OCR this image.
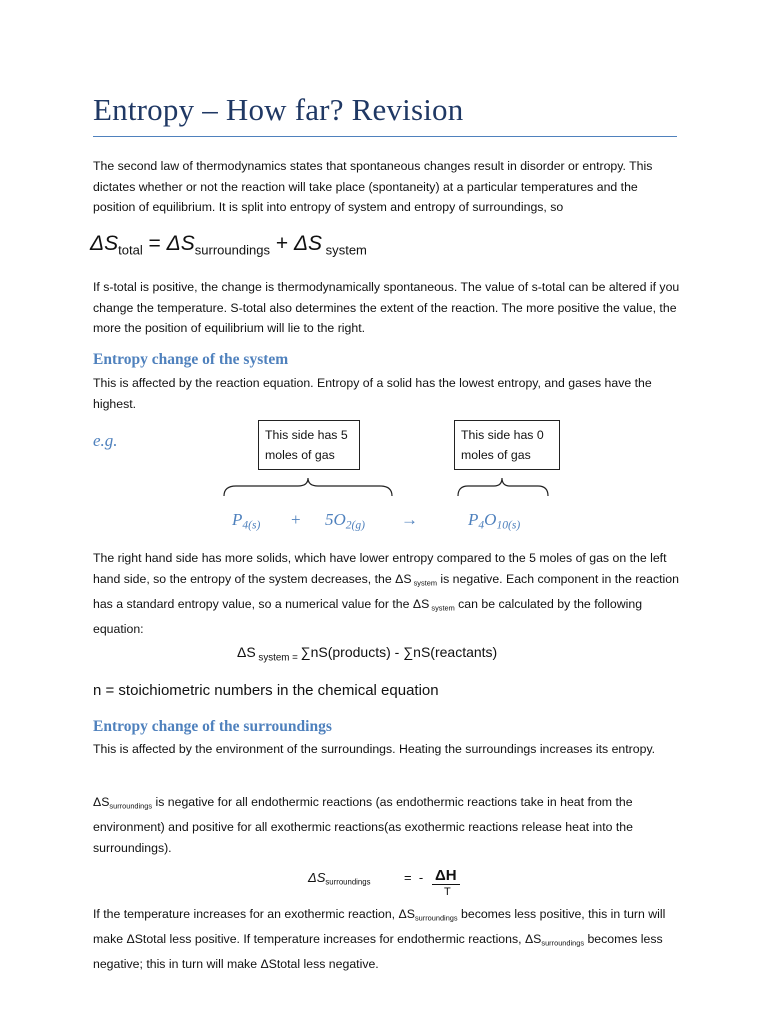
Entropy – How far? Revision

The second law of thermodynamics states that spontaneous changes result in disorder or entropy. This dictates whether or not the reaction will take place (spontaneity) at a particular temperatures and the position of equilibrium. It is split into entropy of system and entropy of surroundings, so

$\Delta S_{total} = \Delta S_{surroundings} + \Delta S$ $_{system}$

If s-total is positive, the change is thermodynamically spontaneous. The value of s-total can be altered if you change the temperature. S-total also determines the extent of the reaction. The more positive the value, the more the position of equilibrium will lie to the right.

Entropy change of the system

This is affected by the reaction equation. Entropy of a solid has the lowest entropy, and gases have the highest.

e.g.	This side has 5 moles of gas
This side has 0 moles of gas
$P_{4(s)} + 5O_{2(g)}$ →	$P_4O_{10(s)}$

The right hand side has more solids, which have lower entropy compared to the 5 moles of gas on the left hand side, so the entropy of the system decreases, the ΔS $_{system}$ is negative. Each component in the reaction has a standard entropy value, so a numerical value for the ΔS $_{system}$ can be calculated by the following equation:

ΔS $_{system =}$ ∑nS(products) - ∑nS(reactants)
n = stoichiometric numbers in the chemical equation
Entropy change of the surroundings

This is affected by the environment of the surroundings. Heating the surroundings increases its entropy.

$\Delta S_{surroundings}$ is negative for all endothermic reactions (as endothermic reactions take in heat from the environment) and positive for all exothermic reactions(as exothermic reactions release heat into the surroundings).

$\Delta S_{surroundings}$	=  - ΔH
T

If the temperature increases for an exothermic reaction, $\Delta S_{surroundings}$ becomes less positive, this in turn will make ΔStotal less positive. If temperature increases for endothermic reactions, $\Delta S_{surroundings}$ becomes less negative; this in turn will make ΔStotal less negative.
